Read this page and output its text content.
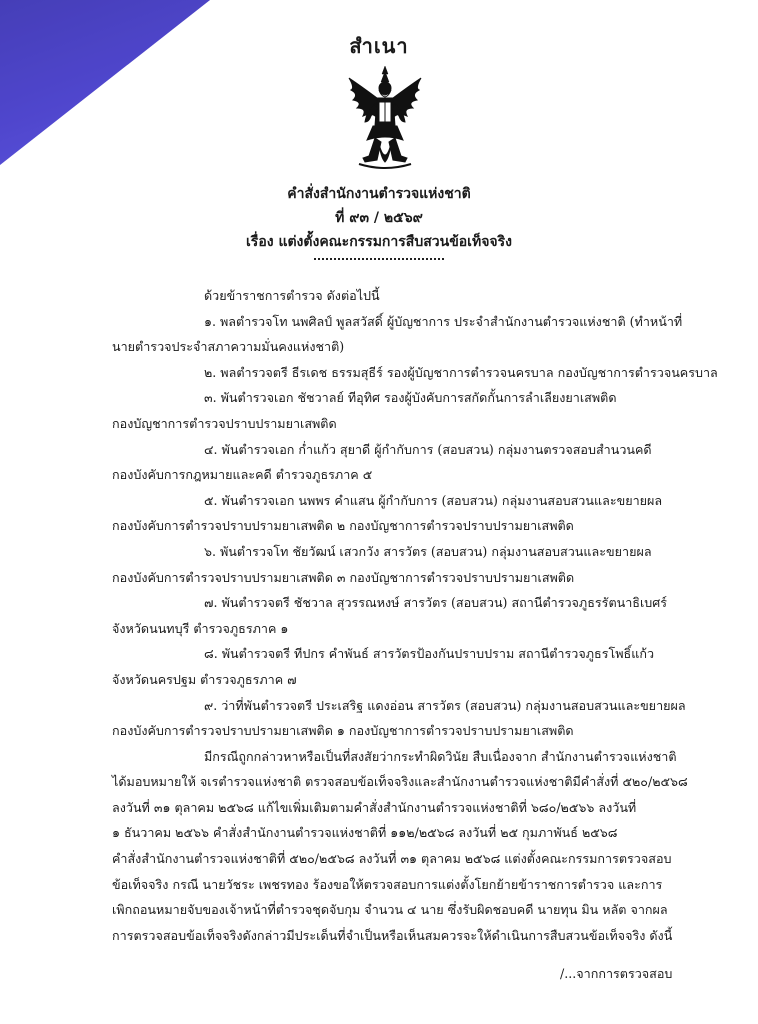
สำเนา
คำสั่งสำนักงานตำรวจแห่งชาติ
ที่ ๙๓ / ๒๕๖๙
เรื่อง แต่งตั้งคณะกรรมการสืบสวนข้อเท็จจริง

ด้วยข้าราชการตำรวจ ดังต่อไปนี้

๑. พลตำรวจโท นพศิลป์ พูลสวัสดิ์ ผู้บัญชาการ ประจำสำนักงานตำรวจแห่งชาติ (ทำหน้าที่

นายตำรวจประจำสภาความมั่นคงแห่งชาติ)

๒. พลตำรวจตรี ธีรเดช ธรรมสุธีร์ รองผู้บัญชาการตำรวจนครบาล กองบัญชาการตำรวจนครบาล

๓. พันตำรวจเอก ชัชวาลย์ ทีอุทิศ รองผู้บังคับการสกัดกั้นการลำเลียงยาเสพติด

กองบัญชาการตำรวจปราบปรามยาเสพติด

๔. พันตำรวจเอก ก่ำแก้ว สุยาดี ผู้กำกับการ (สอบสวน) กลุ่มงานตรวจสอบสำนวนคดี

กองบังคับการกฎหมายและคดี ตำรวจภูธรภาค ๕

๕. พันตำรวจเอก นพพร คำแสน ผู้กำกับการ (สอบสวน) กลุ่มงานสอบสวนและขยายผล

กองบังคับการตำรวจปราบปรามยาเสพติด ๒ กองบัญชาการตำรวจปราบปรามยาเสพติด

๖. พันตำรวจโท ชัยวัฒน์ เสวกวัง สารวัตร (สอบสวน) กลุ่มงานสอบสวนและขยายผล

กองบังคับการตำรวจปราบปรามยาเสพติด ๓ กองบัญชาการตำรวจปราบปรามยาเสพติด

๗. พันตำรวจตรี ชัชวาล สุวรรณหงษ์ สารวัตร (สอบสวน) สถานีตำรวจภูธรรัตนาธิเบศร์

จังหวัดนนทบุรี ตำรวจภูธรภาค ๑

๘. พันตำรวจตรี ทีปกร คำพันธ์ สารวัตรป้องกันปราบปราม สถานีตำรวจภูธรโพธิ์แก้ว

จังหวัดนครปฐม ตำรวจภูธรภาค ๗

๙. ว่าที่พันตำรวจตรี ประเสริฐ แดงอ่อน สารวัตร (สอบสวน) กลุ่มงานสอบสวนและขยายผล

กองบังคับการตำรวจปราบปรามยาเสพติด ๑ กองบัญชาการตำรวจปราบปรามยาเสพติด

มีกรณีถูกกล่าวหาหรือเป็นที่สงสัยว่ากระทำผิดวินัย สืบเนื่องจาก สำนักงานตำรวจแห่งชาติ

ได้มอบหมายให้ จเรตำรวจแห่งชาติ ตรวจสอบข้อเท็จจริงและสำนักงานตำรวจแห่งชาติมีคำสั่งที่ ๕๒๐/๒๕๖๘

ลงวันที่ ๓๑ ตุลาคม ๒๕๖๘ แก้ไขเพิ่มเติมตามคำสั่งสำนักงานตำรวจแห่งชาติที่ ๖๘๐/๒๕๖๖ ลงวันที่

๑ ธันวาคม ๒๕๖๖ คำสั่งสำนักงานตำรวจแห่งชาติที่ ๑๑๒/๒๕๖๘ ลงวันที่ ๒๕ กุมภาพันธ์ ๒๕๖๘

คำสั่งสำนักงานตำรวจแห่งชาติที่ ๕๒๐/๒๕๖๘ ลงวันที่ ๓๑ ตุลาคม ๒๕๖๘ แต่งตั้งคณะกรรมการตรวจสอบ

ข้อเท็จจริง กรณี นายวัชระ เพชรทอง ร้องขอให้ตรวจสอบการแต่งตั้งโยกย้ายข้าราชการตำรวจ และการ

เพิกถอนหมายจับของเจ้าหน้าที่ตำรวจชุดจับกุม จำนวน ๔ นาย ซึ่งรับผิดชอบคดี นายทุน มิน หลัต จากผล

การตรวจสอบข้อเท็จจริงดังกล่าวมีประเด็นที่จำเป็นหรือเห็นสมควรจะให้ดำเนินการสืบสวนข้อเท็จจริง ดังนี้

/...จากการตรวจสอบ
